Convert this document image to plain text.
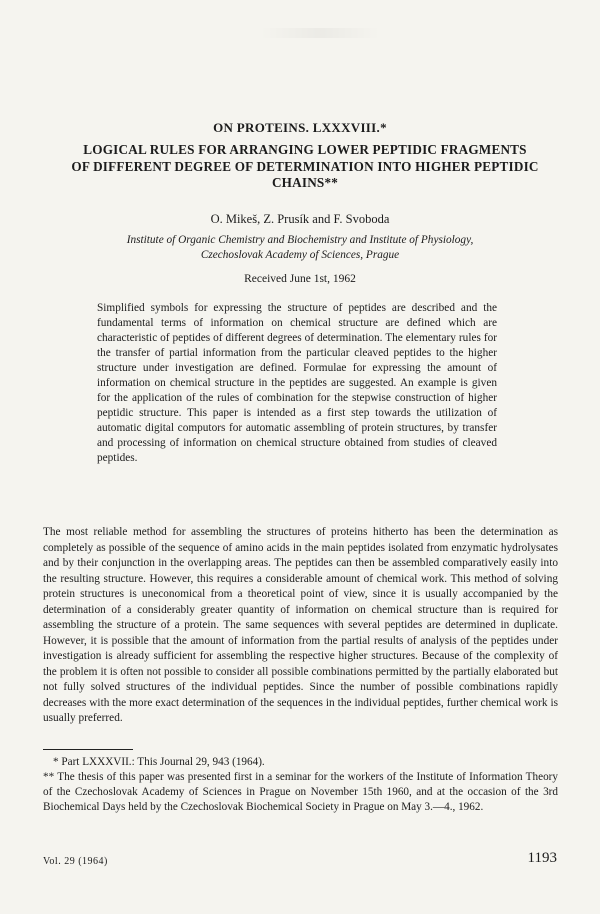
ON PROTEINS. LXXXVIII.*
LOGICAL RULES FOR ARRANGING LOWER PEPTIDIC FRAGMENTS
OF DIFFERENT DEGREE OF DETERMINATION INTO HIGHER PEPTIDIC
CHAINS**
O. Mikeš, Z. Prusík and F. Svoboda
Institute of Organic Chemistry and Biochemistry and Institute of Physiology,
Czechoslovak Academy of Sciences, Prague
Received June 1st, 1962

Simplified symbols for expressing the structure of peptides are described and the fundamental terms of information on chemical structure are defined which are characteristic of peptides of different degrees of determination. The elementary rules for the transfer of partial information from the particular cleaved peptides to the higher structure under investigation are defined. Formulae for expressing the amount of information on chemical structure in the peptides are suggested. An example is given for the application of the rules of combination for the stepwise construction of higher peptidic structure. This paper is intended as a first step towards the utilization of automatic digital computors for automatic assembling of protein structures, by transfer and processing of information on chemical structure obtained from studies of cleaved peptides.

The most reliable method for assembling the structures of proteins hitherto has been the determination as completely as possible of the sequence of amino acids in the main peptides isolated from enzymatic hydrolysates and by their conjunction in the overlapping areas. The peptides can then be assembled comparatively easily into the resulting structure. However, this requires a considerable amount of chemical work. This method of solving protein structures is uneconomical from a theoretical point of view, since it is usually accompanied by the determination of a considerably greater quantity of information on chemical structure than is required for assembling the structure of a protein. The same sequences with several peptides are determined in duplicate. However, it is possible that the amount of information from the partial results of analysis of the peptides under investigation is already sufficient for assembling the respective higher structures. Because of the complexity of the problem it is often not possible to consider all possible combinations permitted by the partially elaborated but not fully solved structures of the individual peptides. Since the number of possible combinations rapidly decreases with the more exact determination of the sequences in the individual peptides, further chemical work is usually preferred.

* Part LXXXVII.: This Journal 29, 943 (1964).

** The thesis of this paper was presented first in a seminar for the workers of the Institute of Information Theory of the Czechoslovak Academy of Sciences in Prague on November 15th 1960, and at the occasion of the 3rd Biochemical Days held by the Czechoslovak Biochemical Society in Prague on May 3.—4., 1962.

Vol. 29 (1964)	1193
